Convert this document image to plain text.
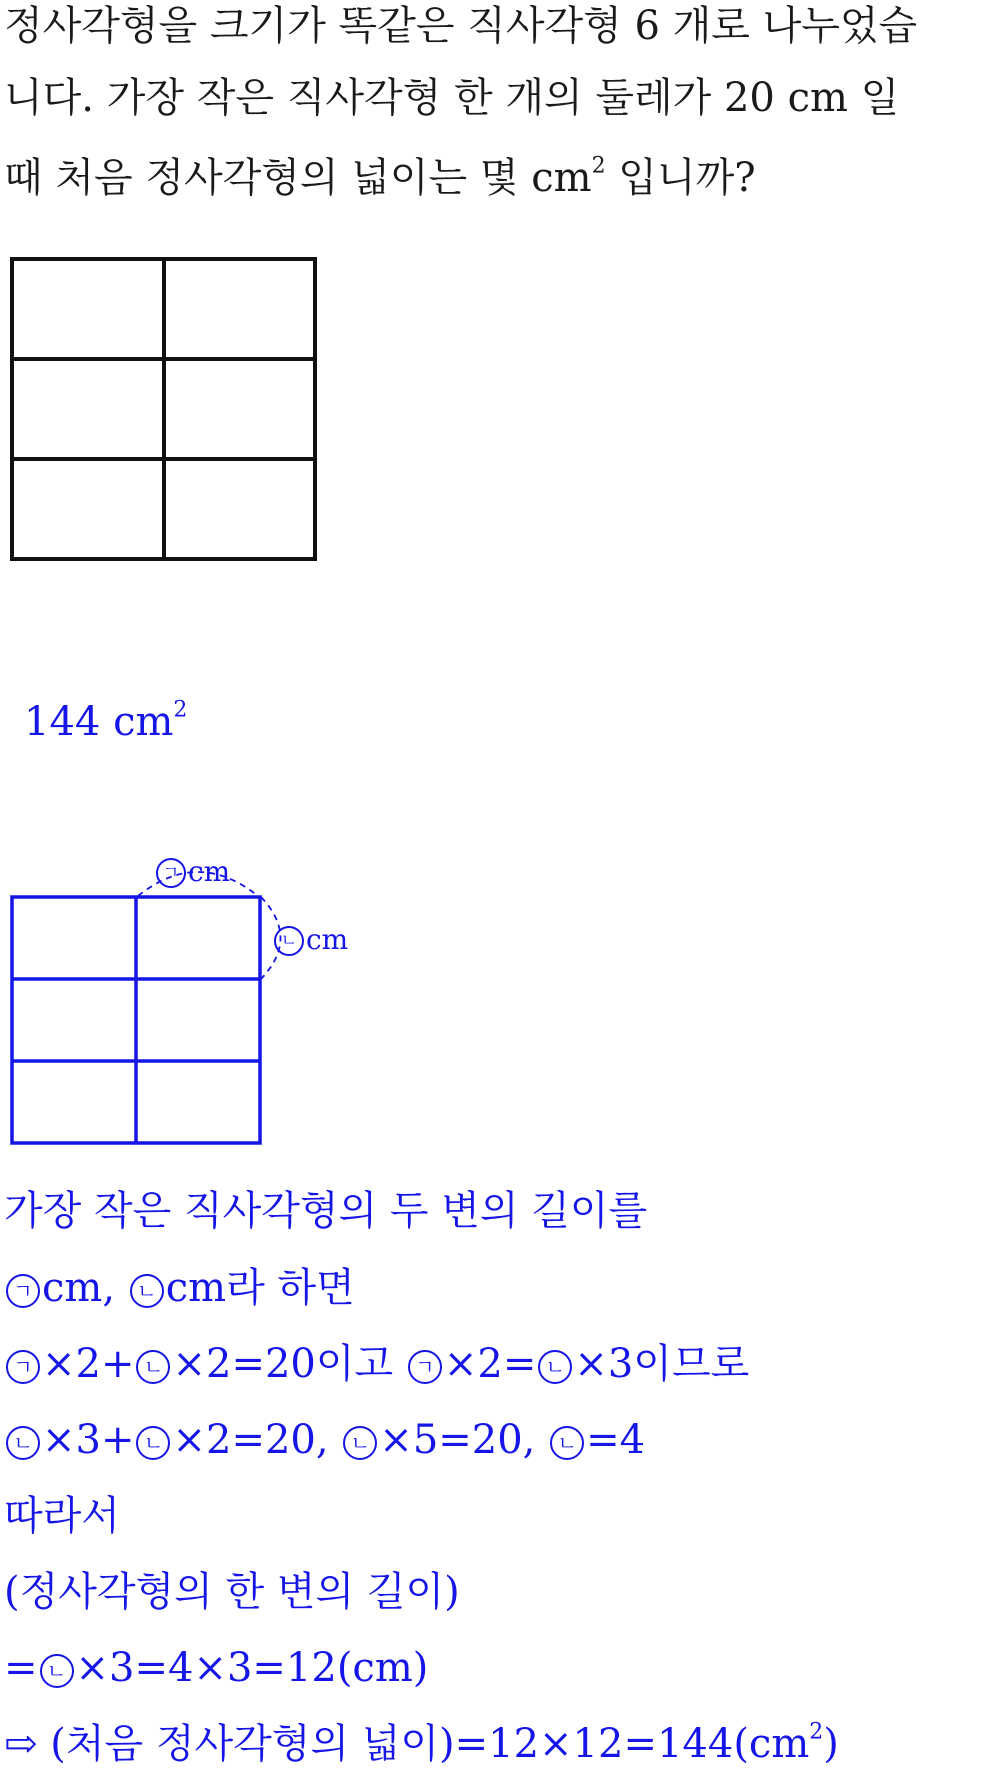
정사각형을 크기가 똑같은 직사각형 6 개로 나누었습
니다. 가장 작은 직사각형 한 개의 둘레가 20 cm 일
때 처음 정사각형의 넓이는 몇 $cm^2$ 입니까?
ㄱ cm
ㄴ cm
144 $cm^2$
가장 작은 직사각형의 두 변의 길이를
ㄱ cm, ㄴ cm라 하면
ㄱ ×2+ ㄴ ×2=20이고 ㄱ ×2= ㄴ ×3이므로
ㄴ ×3+ ㄴ ×2=20, ㄴ ×5=20, ㄴ =4
따라서
(정사각형의 한 변의 길이)
= ㄴ ×3=4×3=12(cm)
⇨ (처음 정사각형의 넓이)$=12\times 12=144(cm^2)$
